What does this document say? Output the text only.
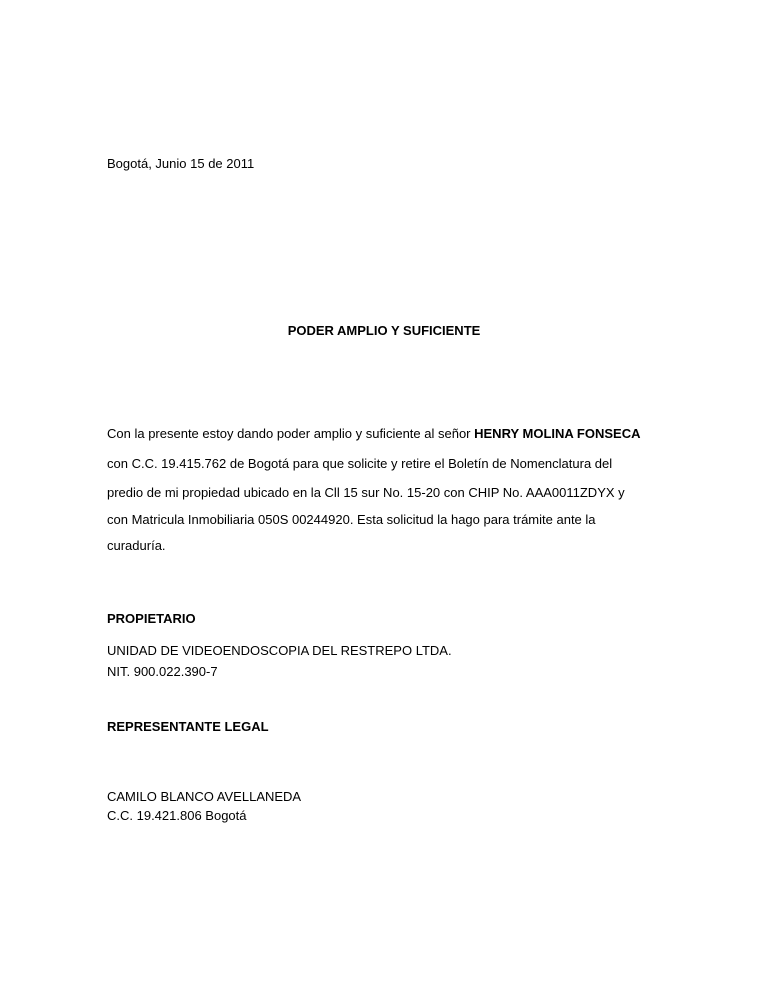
Bogotá, Junio 15 de 2011
PODER AMPLIO Y SUFICIENTE
Con la presente estoy dando poder amplio y suficiente al señor HENRY MOLINA FONSECA
con C.C. 19.415.762 de Bogotá para que solicite y retire el Boletín de Nomenclatura del
predio de mi propiedad ubicado en la Cll 15 sur No. 15-20 con CHIP No. AAA0011ZDYX y
con Matricula Inmobiliaria 050S 00244920. Esta solicitud la hago para trámite ante la
curaduría.
PROPIETARIO
UNIDAD DE VIDEOENDOSCOPIA DEL RESTREPO LTDA.
NIT. 900.022.390-7
REPRESENTANTE LEGAL
CAMILO BLANCO AVELLANEDA
C.C. 19.421.806 Bogotá
